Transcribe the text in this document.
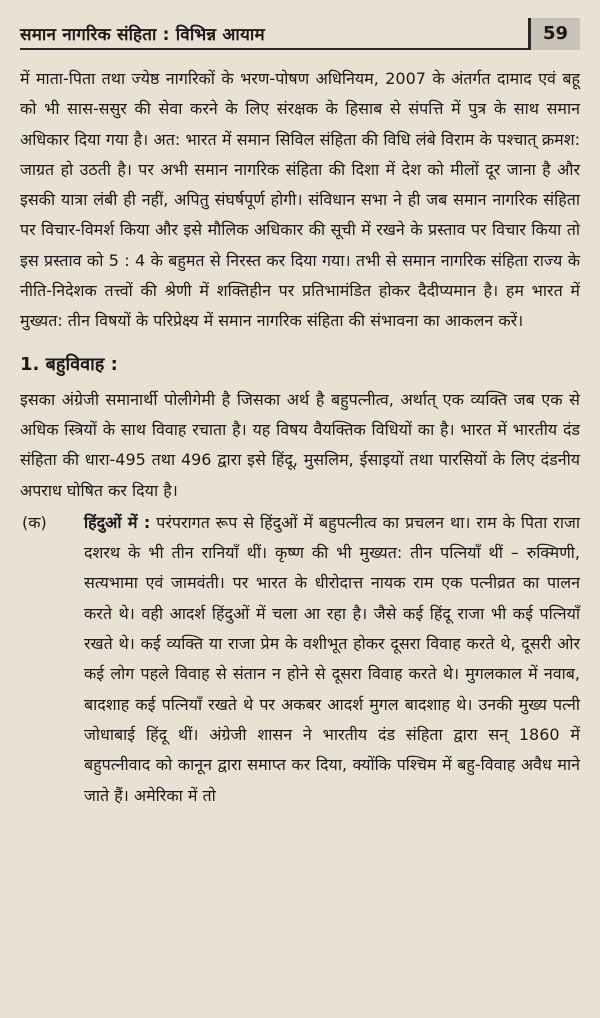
समान नागरिक संहिता : विभिन्न आयाम	59

में माता-पिता तथा ज्येष्ठ नागरिकों के भरण-पोषण अधिनियम, 2007 के अंतर्गत दामाद एवं बहू को भी सास-ससुर की सेवा करने के लिए संरक्षक के हिसाब से संपत्ति में पुत्र के साथ समान अधिकार दिया गया है। अत: भारत में समान सिविल संहिता की विधि लंबे विराम के पश्चात् क्रमश: जाग्रत हो उठती है। पर अभी समान नागरिक संहिता की दिशा में देश को मीलों दूर जाना है और इसकी यात्रा लंबी ही नहीं, अपितु संघर्षपूर्ण होगी। संविधान सभा ने ही जब समान नागरिक संहिता पर विचार-विमर्श किया और इसे मौलिक अधिकार की सूची में रखने के प्रस्ताव पर विचार किया तो इस प्रस्ताव को 5 : 4 के बहुमत से निरस्त कर दिया गया। तभी से समान नागरिक संहिता राज्य के नीति-निदेशक तत्त्वों की श्रेणी में शक्तिहीन पर प्रतिभामंडित होकर दैदीप्यमान है। हम भारत में मुख्यत: तीन विषयों के परिप्रेक्ष्य में समान नागरिक संहिता की संभावना का आकलन करें।

1. बहुविवाह :

इसका अंग्रेजी समानार्थी पोलीगेमी है जिसका अर्थ है बहुपत्नीत्व, अर्थात् एक व्यक्ति जब एक से अधिक स्त्रियों के साथ विवाह रचाता है। यह विषय वैयक्तिक विधियों का है। भारत में भारतीय दंड संहिता की धारा-495 तथा 496 द्वारा इसे हिंदू, मुसलिम, ईसाइयों तथा पारसियों के लिए दंडनीय अपराध घोषित कर दिया है।

(क)	हिंदुओं में : परंपरागत रूप से हिंदुओं में बहुपत्नीत्व का प्रचलन था। राम के पिता राजा दशरथ के भी तीन रानियाँ थीं। कृष्ण की भी मुख्यत: तीन पत्नियाँ थीं – रुक्मिणी, सत्यभामा एवं जामवंती। पर भारत के धीरोदात्त नायक राम एक पत्नीव्रत का पालन करते थे। वही आदर्श हिंदुओं में चला आ रहा है। जैसे कई हिंदू राजा भी कई पत्नियाँ रखते थे। कई व्यक्ति या राजा प्रेम के वशीभूत होकर दूसरा विवाह करते थे, दूसरी ओर कई लोग पहले विवाह से संतान न होने से दूसरा विवाह करते थे। मुगलकाल में नवाब, बादशाह कई पत्नियाँ रखते थे पर अकबर आदर्श मुगल बादशाह थे। उनकी मुख्य पत्नी जोधाबाई हिंदू थीं। अंग्रेजी शासन ने भारतीय दंड संहिता द्वारा सन् 1860 में बहुपत्नीवाद को कानून द्वारा समाप्त कर दिया, क्योंकि पश्चिम में बहु-विवाह अवैध माने जाते हैं। अमेरिका में तो
